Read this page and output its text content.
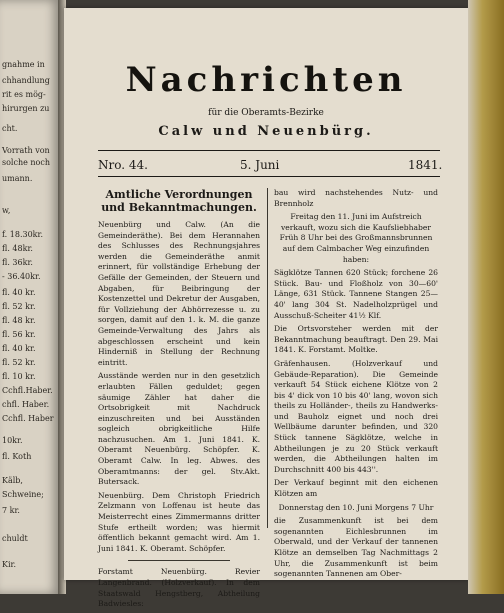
gnahme in
chhandlung
rit es mög-
hirurgen zu
cht.
Vorrath von
solche noch
umann.
w,
f. 18.30kr.
fl. 48kr.
fl. 36kr.
- 36.40kr.
fl. 40 kr.
fl. 52 kr.
fl. 48 kr.
fl. 56 kr.
fl. 40 kr.
fl. 52 kr.
fl. 10 kr.
Cchfl.Haber.
chfl. Haber.
Cchfl. Haber
10kr.
fl. Koth
Kälb,
Schweine;
7 kr.
chuldt
Kir.
Nachrichten
für die Oberamts-Bezirke
Calw und Neuenbürg.
Nro. 44.	5. Juni	1841.
Amtliche Verordnungen und Bekanntmachungen.

Neuenbürg und Calw. (An die Gemeinderäthe). Bei dem Herannahen des Schlusses des Rechnungsjahres werden die Gemeinderäthe anmit erinnert, für vollständige Erhebung der Gefälle der Gemeinden, der Steuern und Abgaben, für Beibringung der Kostenzettel und Dekretur der Ausgaben, für Vollziehung der Abhörrezesse u. zu sorgen, damit auf den 1. k. M. die ganze Gemeinde-Verwaltung des Jahrs als abgeschlossen erscheint und kein Hinderniß in Stellung der Rechnung eintritt.

Ausstände werden nur in den gesetzlich erlaubten Fällen geduldet; gegen säumige Zähler hat daher die Ortsobrigkeit mit Nachdruck einzuschreiten und bei Ausständen sogleich obrigkeitliche Hilfe nachzusuchen. Am 1. Juni 1841. K. Oberamt Neuenbürg. Schöpfer. K. Oberamt Calw. In leg. Abwes. des Oberamtmanns: der gel. Stv.Akt. Butersack.

Neuenbürg. Dem Christoph Friedrich Zelzmann von Loffenau ist heute das Meisterrecht eines Zimmermanns dritter Stufe ertheilt worden; was hiermit öffentlich bekannt gemacht wird. Am 1. Juni 1841. K. Oberamt. Schöpfer.

Forstamt Neuenbürg. Revier Langenbrand. (Holzverkauf). In dem Staatswald Hengstberg, Abtheilung Badwiesles:

bau wird nachstehendes Nutz- und Brennholz

Freitag den 11. Juni im Aufstreich verkauft, wozu sich die Kaufsliebhaber Früh 8 Uhr bei des Großmannsbrunnen auf dem Calmbacher Weg einzufinden haben:

Sägklötze Tannen 620 Stück; forchene 26 Stück. Bau- und Floßholz von 30—60' Länge, 631 Stück. Tannene Stangen 25—40' lang 304 St. Nadelholzprügel und Ausschuß-Scheiter 41½ Klf.

Die Ortsvorsteher werden mit der Bekanntmachung beauftragt. Den 29. Mai 1841. K. Forstamt. Moltke.

Gräfenhausen. (Holzverkauf und Gebäude-Reparation). Die Gemeinde verkauft 54 Stück eichene Klötze von 2 bis 4' dick von 10 bis 40' lang, wovon sich theils zu Holländer-, theils zu Handwerks- und Bauholz eignet und noch drei Wellbäume darunter befinden, und 320 Stück tannene Sägklötze, welche in Abtheilungen je zu 20 Stück verkauft werden, die Abtheilungen halten im Durchschnitt 400 bis 443''.

Der Verkauf beginnt mit den eichenen Klötzen am

Donnerstag den 10. Juni Morgens 7 Uhr

die Zusammenkunft ist bei dem sogenannten Eichlesbrunnen im Oberwald, und der Verkauf der tannenen Klötze an demselben Tag Nachmittags 2 Uhr, die Zusammenkunft ist beim sogenannten Tannenen am Ober-
